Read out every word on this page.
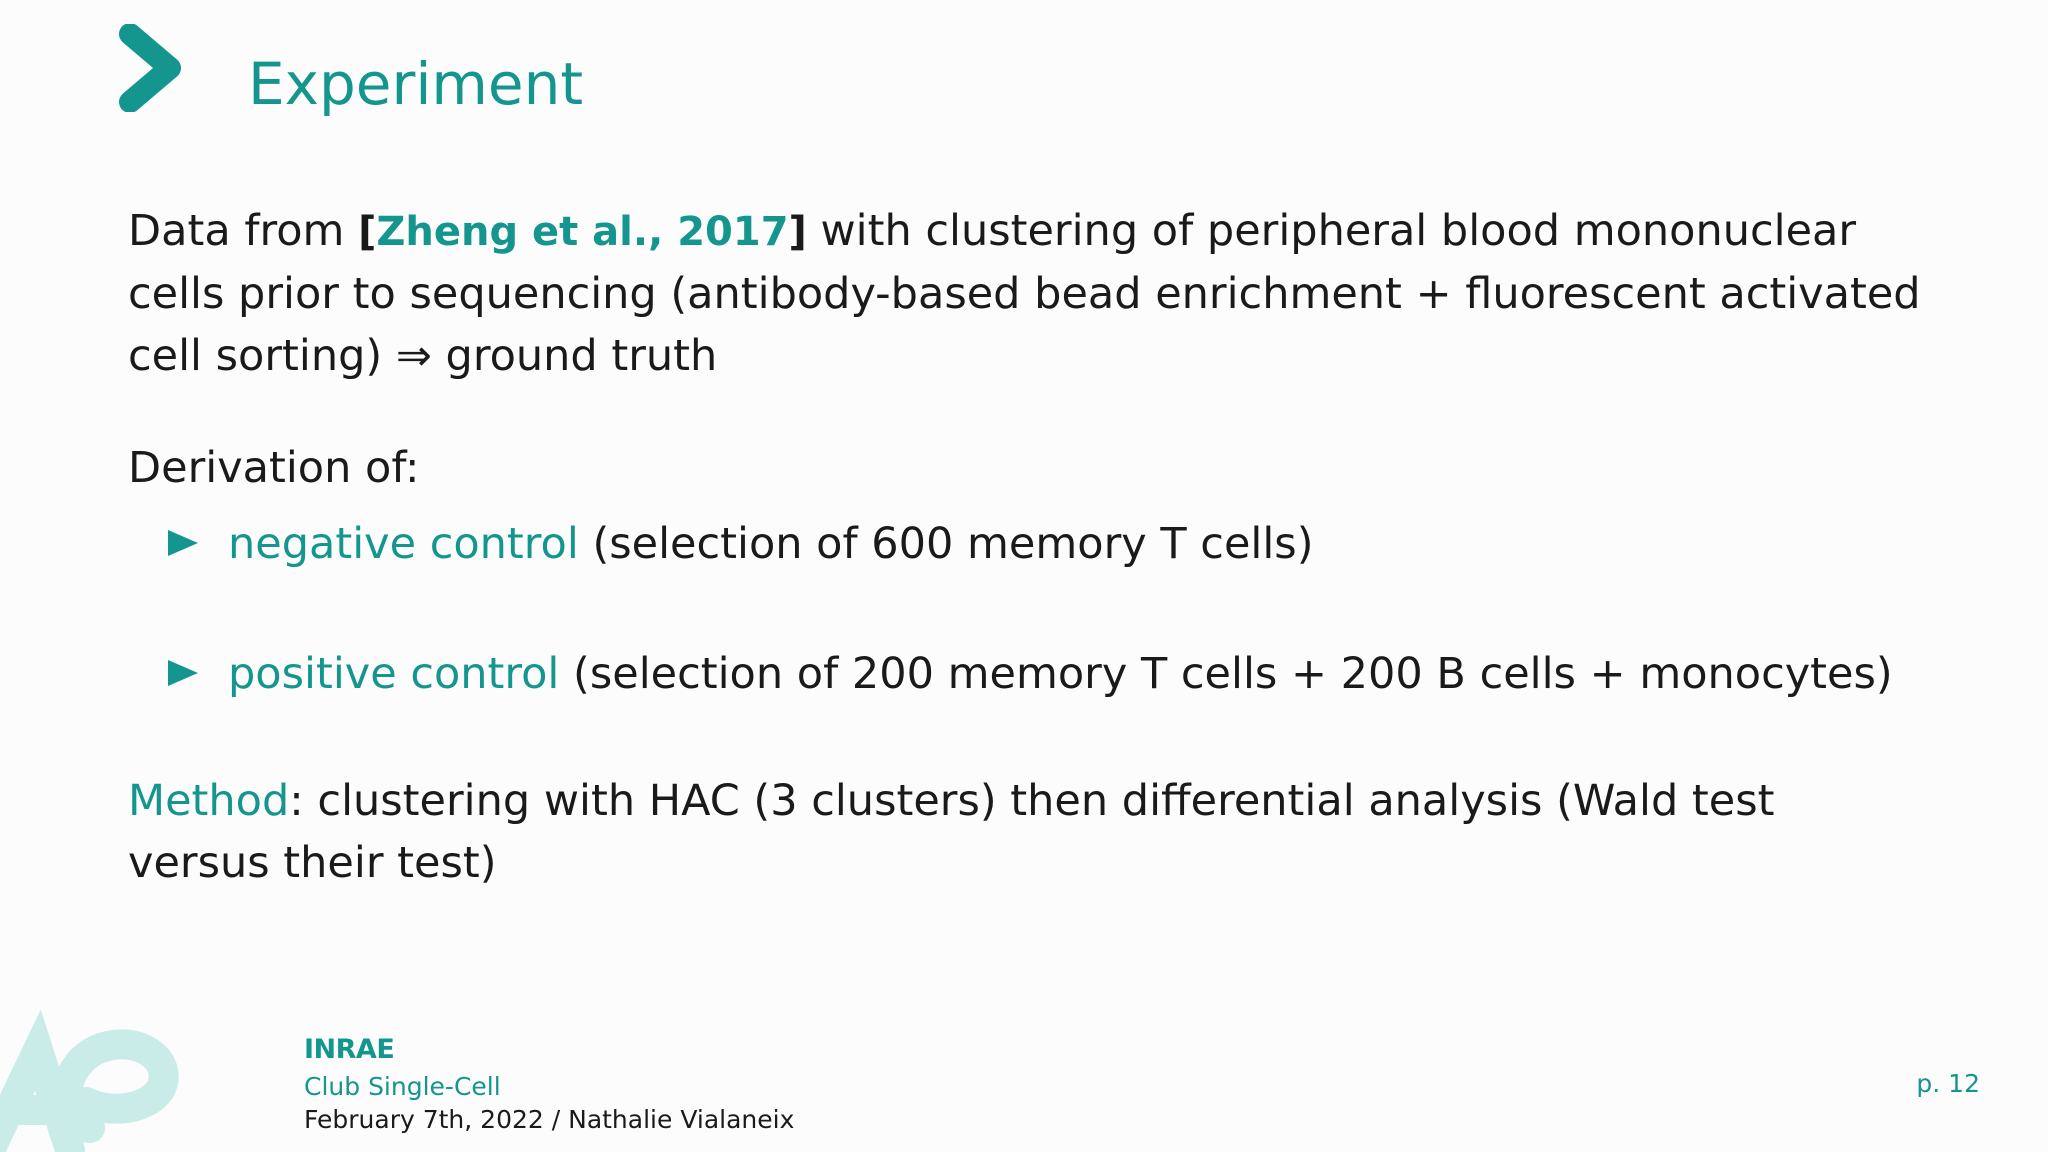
Experiment
Data from [Zheng et al., 2017] with clustering of peripheral blood mononuclear cells prior to sequencing (antibody-based bead enrichment + fluorescent activated cell sorting) ⇒ ground truth
Derivation of:
negative control (selection of 600 memory T cells)
positive control (selection of 200 memory T cells + 200 B cells + monocytes)
Method: clustering with HAC (3 clusters) then differential analysis (Wald test versus their test)
INRAE
Club Single-Cell
February 7th, 2022 / Nathalie Vialaneix
p. 12
